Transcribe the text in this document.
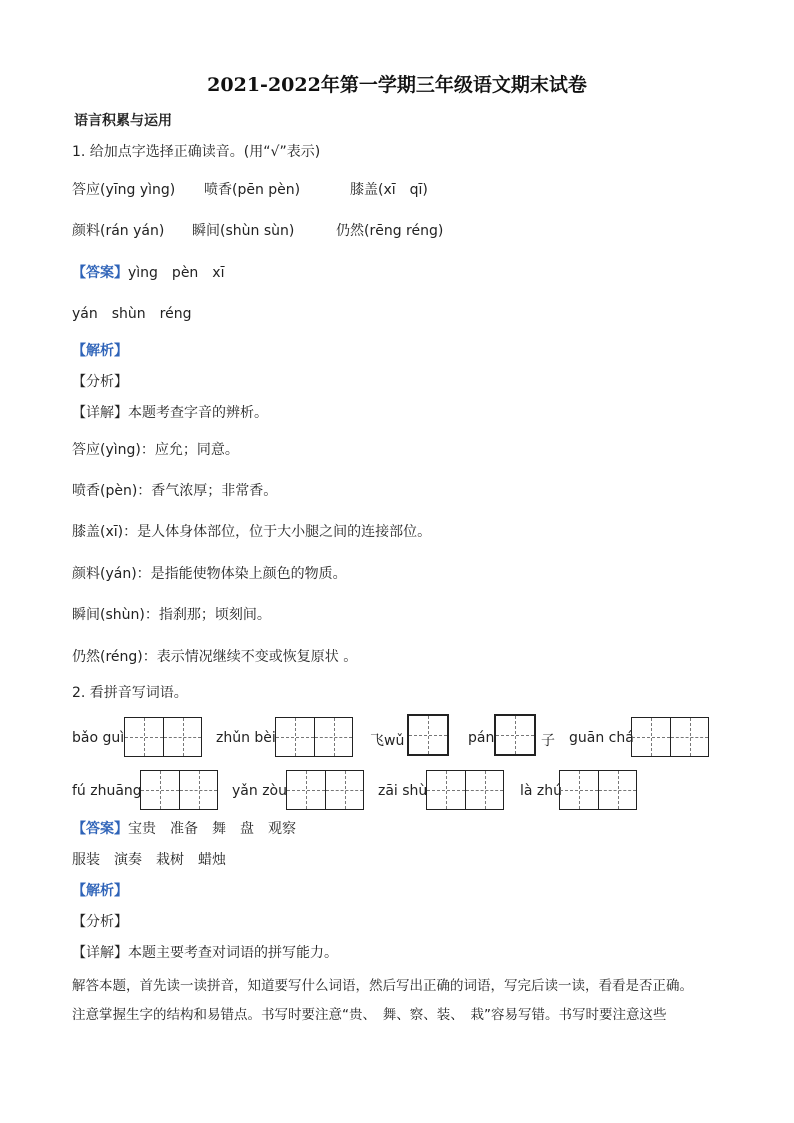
2021-2022年第一学期三年级语文期末试卷
语言积累与运用
1. 给加点字选择正确读音。(用“√”表示)
答应(yīng yìng) 喷香(pēn pèn)	膝盖(xī　qī)
颜料(rán yán) 瞬间(shùn sùn)	仍然(rēng réng)
【答案】yìng　pèn　xī
yán　shùn　réng
【解析】
【分析】
【详解】本题考查字音的辨析。
答应(yìng)：应允；同意。
喷香(pèn)：香气浓厚；非常香。
膝盖(xī)：是人体身体部位，位于大小腿之间的连接部位。
颜料(yán)：是指能使物体染上颜色的物质。
瞬间(shùn)：指刹那；顷刻间。
仍然(réng)：表示情况继续不变或恢复原状 。
2. 看拼音写词语。
bǎo guì	zhǔn bèi	飞wǔ	pán	子 guān chá
fú zhuāng	yǎn zòu	zāi shù	là zhú
【答案】宝贵　准备　舞　盘　观察
服装　演奏　栽树　蜡烛
【解析】
【分析】
【详解】本题主要考查对词语的拼写能力。
解答本题，首先读一读拼音，知道要写什么词语，然后写出正确的词语，写完后读一读，看看是否正确。
注意掌握生字的结构和易错点。书写时要注意“贵、　舞、察、装、　栽”容易写错。书写时要注意这些
